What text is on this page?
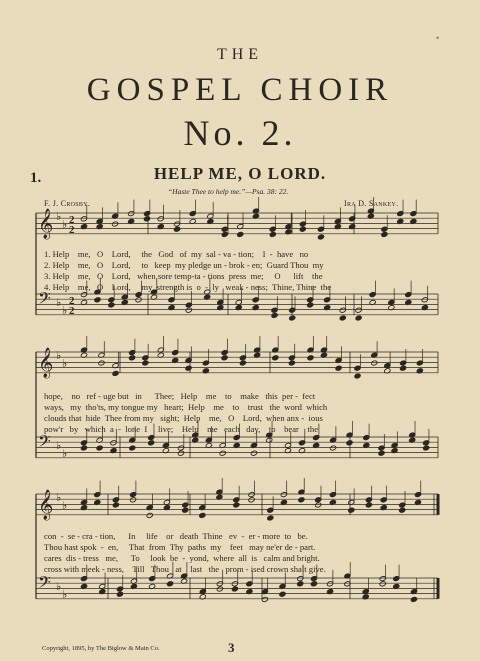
•
THE
GOSPEL CHOIR
No. 2.
1.	HELP ME, O LORD.
“Haste Thee to help me.”—Psa. 38: 22.
F. J. Crosby.	Ira D. Sankey.
𝄞 ♭
♭ 2
2
𝄢 ♭
♭
2
2
𝄞 ♭
♭
𝄢 ♭
♭
𝄞 ♭
♭
𝄢 ♭
♭
1. Help    me,   O    Lord,     the   God   of  my  sal - va - tion;    I  -  have   no
2. Help    me,   O    Lord,     to   keep  my pledge un - brok - en;  Guard Thou  my
3. Help    me,   O    Lord,   when sore temp-ta - tions  press  me;     O      lift    the
4. Help    me,   O    Lord,     my  strength is  o  -  ly   weak - ness;  Thine, Thine  the
hope,    no   ref - uge but   in      Thee;   Help    me    to    make   this  per -  fect
ways,   my  tho'ts, my tongue my   heart;  Help    me    to    trust   the  word  which
clouds that  hide  Thee from my   sight;  Help    me,   O    Lord,  when anx -  ious
pow'r   by   which  a  -  lone  I     live;    Help    me   each   day,    to    bear    the
con  -  se - cra - tion,      In     life    or   death  Thine   ev  -  er - more  to   be.
Thou hast spok  -  en,     That  from  Thy  paths  my    feet   may ne'er de - part.
cares  dis - tress   me,      To     look  be  -  yond,  where  all  is   calm and bright.
cross with meek - ness,    Till   Thou   at    last   the   prom - ised crown shalt give.
Copyright, 1895, by The Biglow & Main Co.	3
